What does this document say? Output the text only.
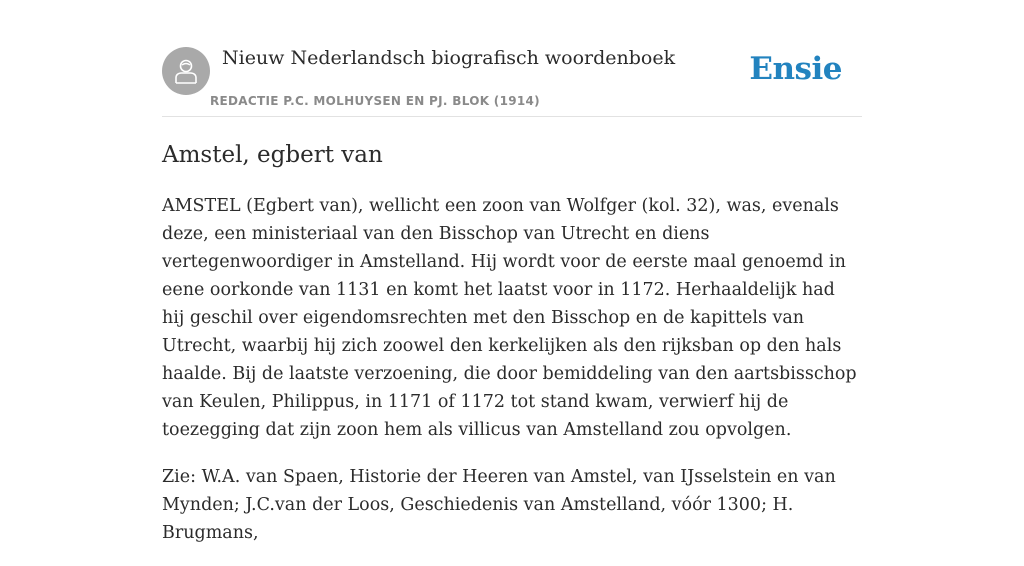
Nieuw Nederlandsch biografisch woordenboek
REDACTIE P.C. MOLHUYSEN EN PJ. BLOK (1914)
Ensie
Amstel, egbert van

AMSTEL (Egbert van), wellicht een zoon van Wolfger (kol. 32), was, evenals deze, een ministeriaal van den Bisschop van Utrecht en diens vertegenwoordiger in Amstelland. Hij wordt voor de eerste maal genoemd in eene oorkonde van 1131 en komt het laatst voor in 1172. Herhaaldelijk had hij geschil over eigendomsrechten met den Bisschop en de kapittels van Utrecht, waarbij hij zich zoowel den kerkelijken als den rijksban op den hals haalde. Bij de laatste verzoening, die door bemiddeling van den aartsbisschop van Keulen, Philippus, in 1171 of 1172 tot stand kwam, verwierf hij de toezegging dat zijn zoon hem als villicus van Amstelland zou opvolgen.

Zie: W.A. van Spaen, Historie der Heeren van Amstel, van IJsselstein en van Mynden; J.C.van der Loos, Geschiedenis van Amstelland, vóór 1300; H. Brugmans,
